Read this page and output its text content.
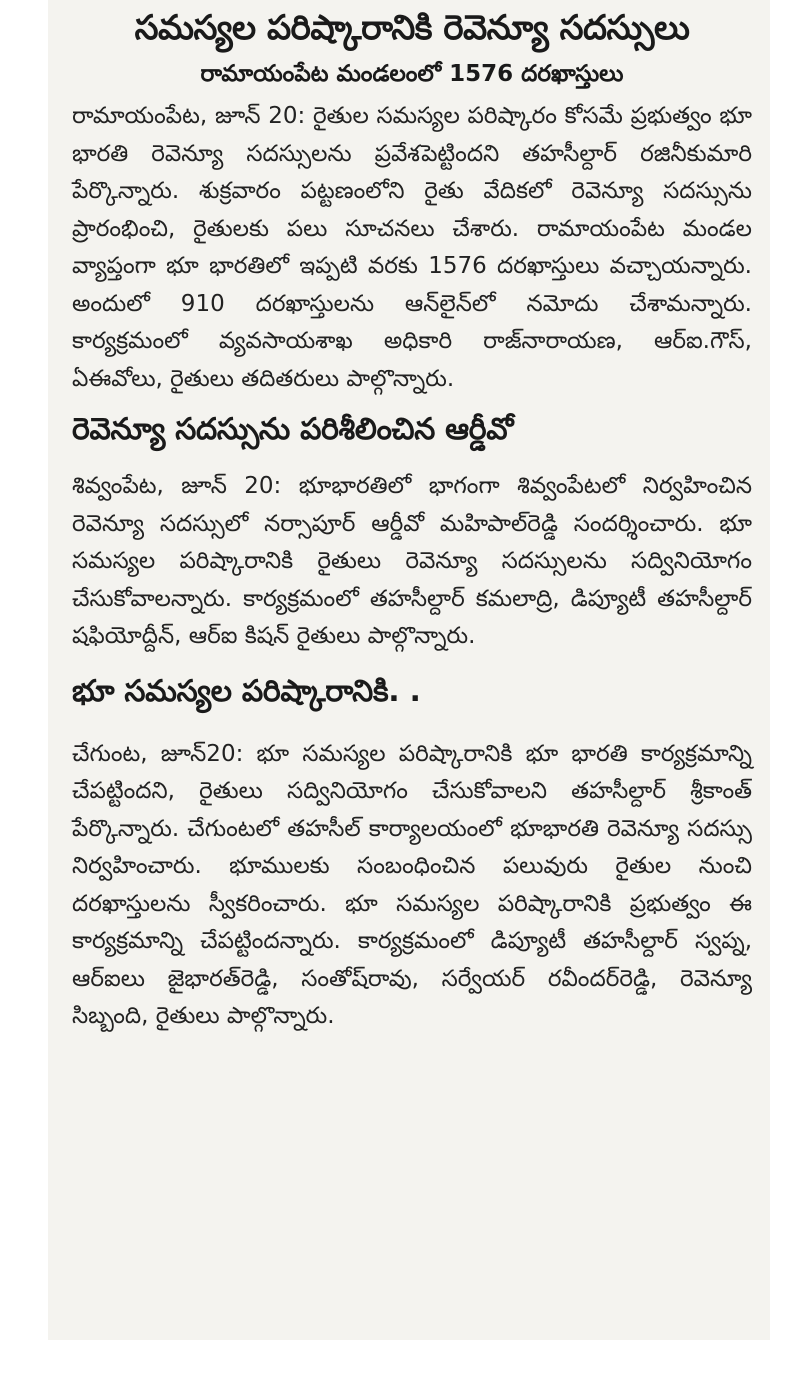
సమస్యల పరిష్కారానికి రెవెన్యూ సదస్సులు
రామాయంపేట మండలంలో 1576 దరఖాస్తులు

రామాయంపేట, జూన్ 20: రైతుల సమస్యల పరిష్కారం కోసమే ప్రభుత్వం భూ భారతి రెవెన్యూ సదస్సులను ప్రవేశపెట్టిందని తహసీల్దార్ రజినీకుమారి పేర్కొన్నారు. శుక్రవారం పట్టణంలోని రైతు వేదికలో రెవెన్యూ సదస్సును ప్రారంభించి, రైతులకు పలు సూచనలు చేశారు. రామాయంపేట మండల వ్యాప్తంగా భూ భారతిలో ఇప్పటి వరకు 1576 దరఖాస్తులు వచ్చాయన్నారు. అందులో 910 దరఖాస్తులను ఆన్‌లైన్‌లో నమోదు చేశామన్నారు. కార్యక్రమంలో వ్యవసాయశాఖ అధికారి రాజ్‌నారాయణ, ఆర్ఐ.గౌస్, ఏఈవోలు, రైతులు తదితరులు పాల్గొన్నారు.

రెవెన్యూ సదస్సును పరిశీలించిన ఆర్డీవో

శివ్వంపేట, జూన్ 20: భూభారతిలో భాగంగా శివ్వంపేటలో నిర్వహించిన రెవెన్యూ సదస్సులో నర్సాపూర్ ఆర్డీవో మహిపాల్‌రెడ్డి సందర్శించారు. భూ సమస్యల పరిష్కారానికి రైతులు రెవెన్యూ సదస్సులను సద్వినియోగం చేసుకోవాలన్నారు. కార్యక్రమంలో తహసీల్దార్ కమలాద్రి, డిప్యూటీ తహసీల్దార్ షఫియోద్దీన్, ఆర్ఐ కిషన్ రైతులు పాల్గొన్నారు.

భూ సమస్యల పరిష్కారానికి. .

చేగుంట, జూన్20: భూ సమస్యల పరిష్కారానికి భూ భారతి కార్యక్రమాన్ని చేపట్టిందని, రైతులు సద్వినియోగం చేసుకోవాలని తహసీల్దార్ శ్రీకాంత్ పేర్కొన్నారు. చేగుంటలో తహసీల్ కార్యాలయంలో భూభారతి రెవెన్యూ సదస్సు నిర్వహించారు. భూములకు సంబంధించిన పలువురు రైతుల నుంచి దరఖాస్తులను స్వీకరించారు. భూ సమస్యల పరిష్కారానికి ప్రభుత్వం ఈ కార్యక్రమాన్ని చేపట్టిందన్నారు. కార్యక్రమంలో డిప్యూటీ తహసీల్దార్ స్వప్న, ఆర్ఐలు జైభారత్‌రెడ్డి, సంతోష్‌రావు, సర్వేయర్ రవీందర్‌రెడ్డి, రెవెన్యూ సిబ్బంది, రైతులు పాల్గొన్నారు.
